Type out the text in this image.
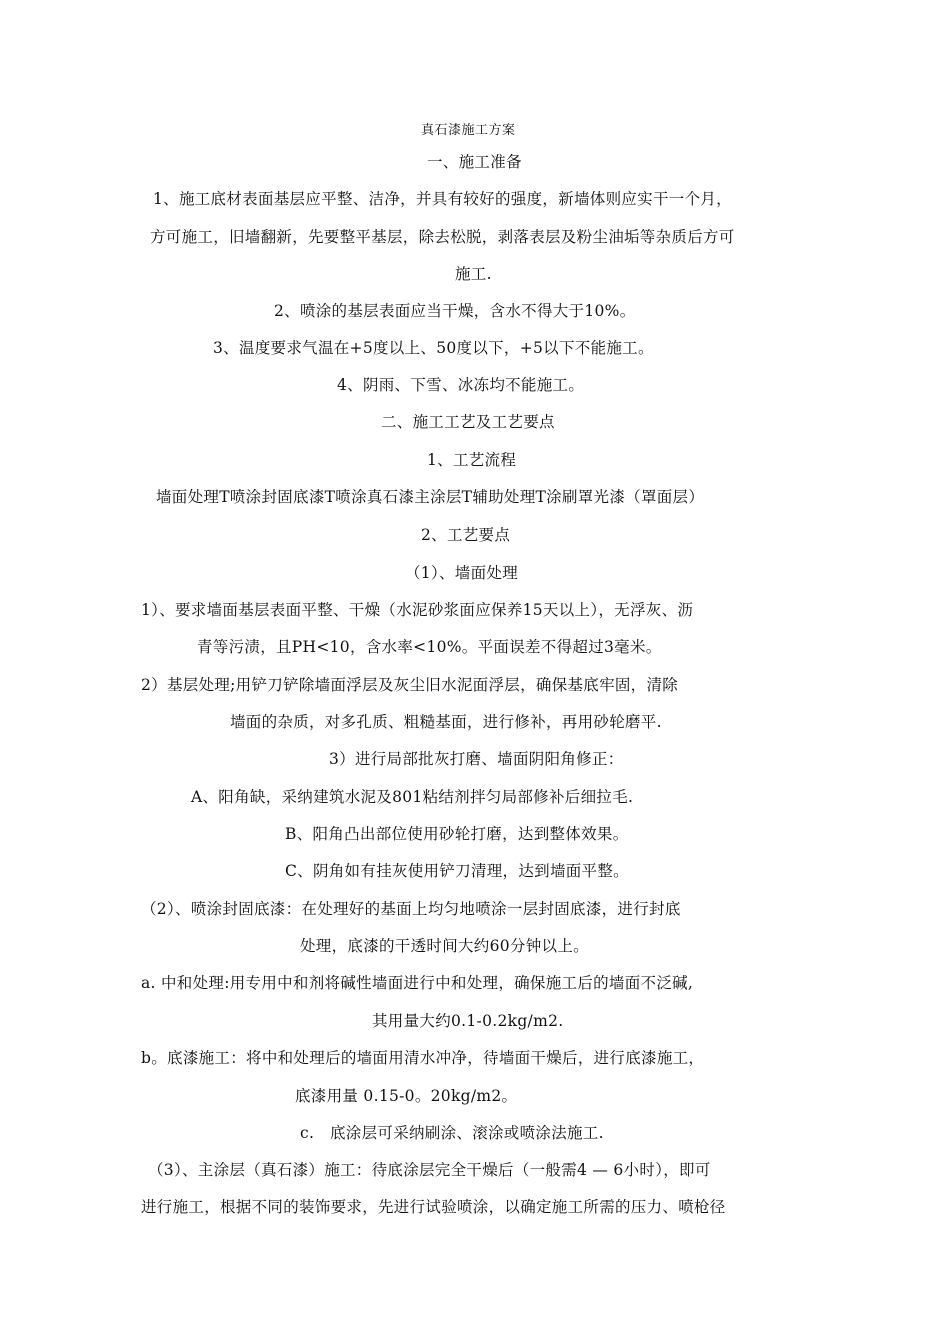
真石漆施工方案
一、施工准备
1、施工底材表面基层应平整、洁净，并具有较好的强度，新墙体则应实干一个月，
方可施工，旧墙翻新，先要整平基层，除去松脱，剥落表层及粉尘油垢等杂质后方可
施工.
2、喷涂的基层表面应当干燥，含水不得大于10%。
3、温度要求气温在+5度以上、50度以下，+5以下不能施工。
4、阴雨、下雪、冰冻均不能施工。
二、施工工艺及工艺要点
1、工艺流程
墙面处理T喷涂封固底漆T喷涂真石漆主涂层T辅助处理T涂刷罩光漆（罩面层）
2、工艺要点
（1）、墙面处理
1）、要求墙面基层表面平整、干燥（水泥砂浆面应保养15天以上），无浮灰、沥
青等污渍，且PH<10，含水率<10%。平面误差不得超过3毫米。
2）基层处理;用铲刀铲除墙面浮层及灰尘旧水泥面浮层，确保基底牢固，清除
墙面的杂质，对多孔质、粗糙基面，进行修补，再用砂轮磨平.
3）进行局部批灰打磨、墙面阴阳角修正：
A、阳角缺，采纳建筑水泥及801粘结剂拌匀局部修补后细拉毛.
B、阳角凸出部位使用砂轮打磨，达到整体效果。
C、阴角如有挂灰使用铲刀清理，达到墙面平整。
（2）、喷涂封固底漆：在处理好的基面上均匀地喷涂一层封固底漆，进行封底
处理，底漆的干透时间大约60分钟以上。
a. 中和处理:用专用中和剂将碱性墙面进行中和处理，确保施工后的墙面不泛碱,
其用量大约0.1-0.2kg/m2.
b。底漆施工：将中和处理后的墙面用清水冲净，待墙面干燥后，进行底漆施工，
底漆用量 0.15-0。20kg/m2。
c.　底涂层可采纳刷涂、滚涂或喷涂法施工.
（3）、主涂层（真石漆）施工：待底涂层完全干燥后（一般需4 — 6小时），即可
进行施工，根据不同的装饰要求，先进行试验喷涂，以确定施工所需的压力、喷枪径
